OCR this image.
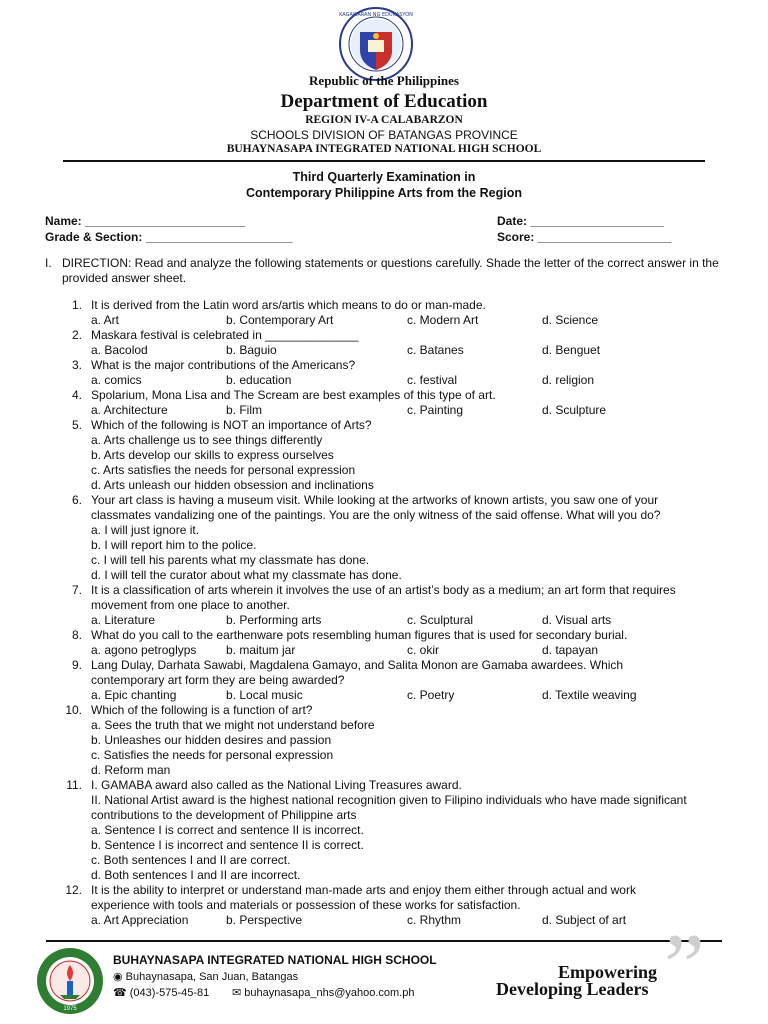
KAGAWARAN NG EDUKASYON
Republic of the Philippines
Department of Education
REGION IV-A CALABARZON
SCHOOLS DIVISION OF BATANGAS PROVINCE
BUHAYNASAPA INTEGRATED NATIONAL HIGH SCHOOL
Third Quarterly Examination in
Contemporary Philippine Arts from the Region
Name: ________________________
Grade & Section: ______________________
Date: ____________________
Score: ____________________
I. DIRECTION: Read and analyze the following statements or questions carefully. Shade the letter of the correct answer in the provided answer sheet.
1. It is derived from the Latin word ars/artis which means to do or man-made.
a. Art	b. Contemporary Art	c. Modern Art	d. Science
2. Maskara festival is celebrated in ______________
a. Bacolod	b. Baguio	c. Batanes	d. Benguet
3. What is the major contributions of the Americans?
a. comics	b. education	c. festival	d. religion
4. Spolarium, Mona Lisa and The Scream are best examples of this type of art.
a. Architecture	b. Film	c. Painting	d. Sculpture
5. Which of the following is NOT an importance of Arts?
a. Arts challenge us to see things differently
b. Arts develop our skills to express ourselves
c. Arts satisfies the needs for personal expression
d. Arts unleash our hidden obsession and inclinations
6. Your art class is having a museum visit. While looking at the artworks of known artists, you saw one of your
classmates vandalizing one of the paintings. You are the only witness of the said offense. What will you do?
a. I will just ignore it.
b. I will report him to the police.
c. I will tell his parents what my classmate has done.
d. I will tell the curator about what my classmate has done.
7. It is a classification of arts wherein it involves the use of an artist’s body as a medium; an art form that requires
movement from one place to another.
a. Literature	b. Performing arts	c. Sculptural	d. Visual arts
8. What do you call to the earthenware pots resembling human figures that is used for secondary burial.
a. agono petroglyps b. maitum jar	c. okir	d. tapayan
9. Lang Dulay, Darhata Sawabi, Magdalena Gamayo, and Salita Monon are Gamaba awardees. Which
contemporary art form they are being awarded?
a. Epic chanting	b. Local music	c. Poetry	d. Textile weaving
10. Which of the following is a function of art?
a. Sees the truth that we might not understand before
b. Unleashes our hidden desires and passion
c. Satisfies the needs for personal expression
d. Reform man
11. I. GAMABA award also called as the National Living Treasures award.
II. National Artist award is the highest national recognition given to Filipino individuals who have made significant
contributions to the development of Philippine arts
a. Sentence I is correct and sentence II is incorrect.
b. Sentence I is incorrect and sentence II is correct.
c. Both sentences I and II are correct.
d. Both sentences I and II are incorrect.
12. It is the ability to interpret or understand man-made arts and enjoy them either through actual and work
experience with tools and materials or possession of these works for satisfaction.
a. Art Appreciation	b. Perspective	c. Rhythm	d. Subject of art
1975
BUHAYNASAPA INTEGRATED NATIONAL HIGH SCHOOL
◉ Buhaynasapa, San Juan, Batangas
☎ (043)-575-45-81 ✉ buhaynasapa_nhs@yahoo.com.ph	”
Empowering
Developing Leaders
